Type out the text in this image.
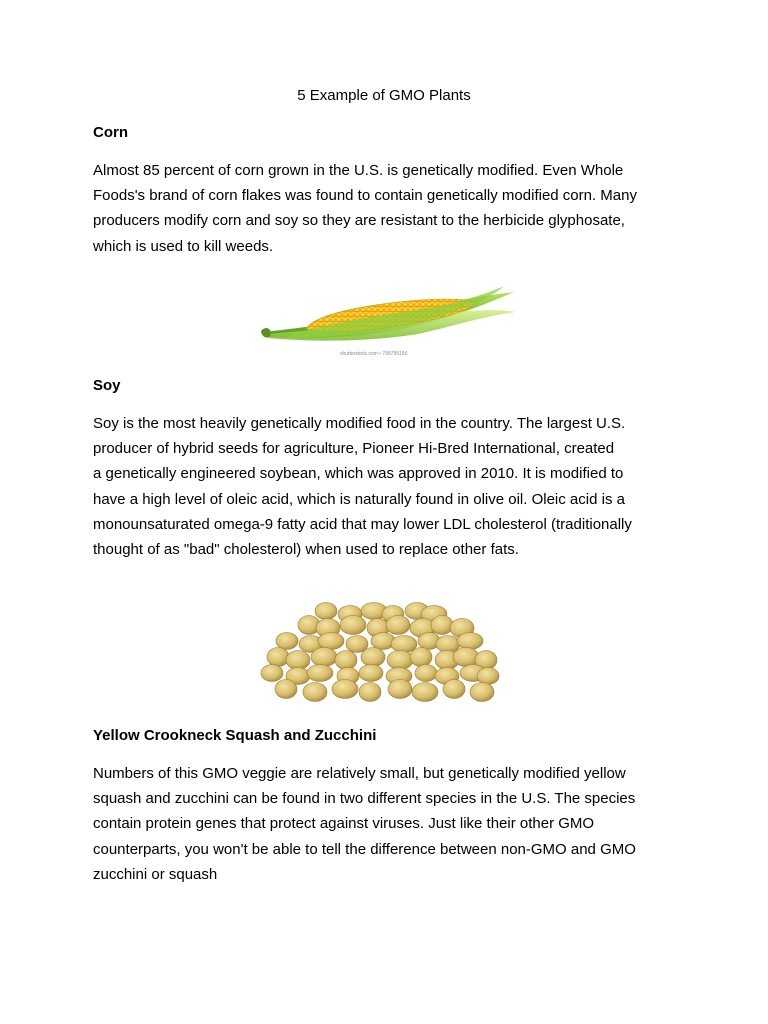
5 Example of GMO Plants
Corn
Almost 85 percent of corn grown in the U.S. is genetically modified. Even Whole
Foods's brand of corn flakes was found to contain genetically modified corn. Many
producers modify corn and soy so they are resistant to the herbicide glyphosate,
which is used to kill weeds.
shutterstock.com • 799795156
Soy
Soy is the most heavily genetically modified food in the country. The largest U.S.
producer of hybrid seeds for agriculture, Pioneer Hi-Bred International, created
a genetically engineered soybean, which was approved in 2010. It is modified to
have a high level of oleic acid, which is naturally found in olive oil. Oleic acid is a
monounsaturated omega-9 fatty acid that may lower LDL cholesterol (traditionally
thought of as "bad" cholesterol) when used to replace other fats.
Yellow Crookneck Squash and Zucchini
Numbers of this GMO veggie are relatively small, but genetically modified yellow
squash and zucchini can be found in two different species in the U.S. The species
contain protein genes that protect against viruses. Just like their other GMO
counterparts, you won't be able to tell the difference between non-GMO and GMO
zucchini or squash
